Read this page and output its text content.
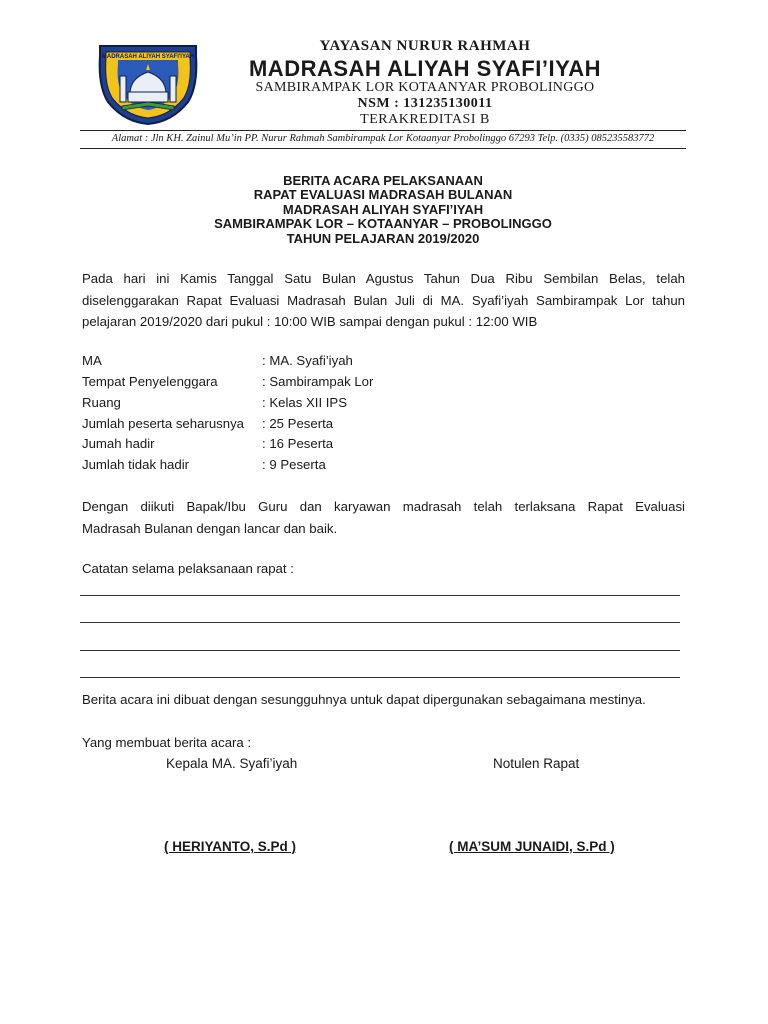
MADRASAH ALIYAH SYAFI'IYAH
YAYASAN NURUR RAHMAH
MADRASAH ALIYAH SYAFI’IYAH
SAMBIRAMPAK LOR KOTAANYAR PROBOLINGGO
NSM : 131235130011
TERAKREDITASI B
Alamat : Jln KH. Zainul Mu’in PP. Nurur Rahmah Sambirampak Lor Kotaanyar Probolinggo 67293 Telp. (0335) 085235583772
BERITA ACARA PELAKSANAAN
RAPAT EVALUASI MADRASAH BULANAN
MADRASAH ALIYAH SYAFI’IYAH
SAMBIRAMPAK LOR – KOTAANYAR – PROBOLINGGO
TAHUN PELAJARAN 2019/2020
Pada hari ini Kamis Tanggal Satu Bulan Agustus Tahun Dua Ribu Sembilan Belas, telah
diselenggarakan Rapat Evaluasi Madrasah Bulan Juli di MA. Syafi’iyah Sambirampak Lor tahun
pelajaran 2019/2020 dari pukul : 10:00 WIB sampai dengan pukul : 12:00 WIB
MA	: MA. Syafi’iyah
Tempat Penyelenggara	: Sambirampak Lor
Ruang	: Kelas XII IPS
Jumlah peserta seharusnya : 25 Peserta
Jumah hadir	: 16 Peserta
Jumlah tidak hadir	: 9 Peserta
Dengan diikuti Bapak/Ibu Guru dan karyawan madrasah telah terlaksana Rapat Evaluasi
Madrasah Bulanan dengan lancar dan baik.
Catatan selama pelaksanaan rapat :
Berita acara ini dibuat dengan sesungguhnya untuk dapat dipergunakan sebagaimana mestinya.
Yang membuat berita acara :
Kepala MA. Syafi’iyah	Notulen Rapat
( HERIYANTO, S.Pd )	( MA’SUM JUNAIDI, S.Pd )
